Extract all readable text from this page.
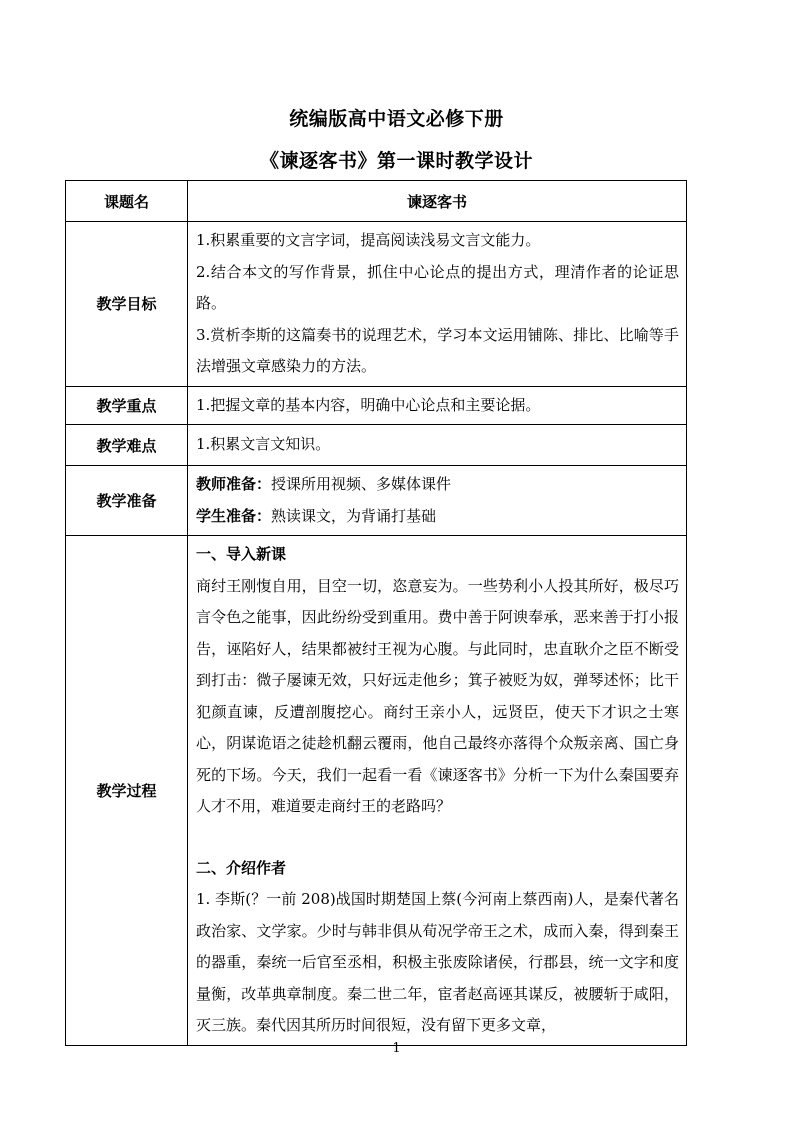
统编版高中语文必修下册
《谏逐客书》第一课时教学设计
课题名	谏逐客书
教学目标	1.积累重要的文言字词，提高阅读浅易文言文能力。
2.结合本文的写作背景，抓住中心论点的提出方式，理清作者的论证思路。
3.赏析李斯的这篇奏书的说理艺术，学习本文运用铺陈、排比、比喻等手法增强文章感染力的方法。

教学重点	1.把握文章的基本内容，明确中心论点和主要论据。
教学难点	1.积累文言文知识。
教学准备	教师准备：授课所用视频、多媒体课件
学生准备：熟读课文，为背诵打基础

教学过程	一、导入新课
商纣王刚愎自用，目空一切，恣意妄为。一些势利小人投其所好，极尽巧言令色之能事，因此纷纷受到重用。费中善于阿谀奉承，恶来善于打小报告，诬陷好人，结果都被纣王视为心腹。与此同时，忠直耿介之臣不断受到打击：微子屡谏无效，只好远走他乡；箕子被贬为奴，弹琴述怀；比干犯颜直谏，反遭剖腹挖心。商纣王亲小人，远贤臣，使天下才识之士寒心，阴谋诡语之徒趁机翻云覆雨，他自己最终亦落得个众叛亲离、国亡身死的下场。今天，我们一起看一看《谏逐客书》分析一下为什么秦国要弃人才不用，难道要走商纣王的老路吗？
二、介绍作者
1. 李斯(？一前 208)战国时期楚国上蔡(今河南上蔡西南)人，是秦代著名政治家、文学家。少时与韩非俱从荀况学帝王之术，成而入秦，得到秦王的器重，秦统一后官至丞相，积极主张废除诸侯，行郡县，统一文字和度量衡，改革典章制度。秦二世二年，宦者赵高诬其谋反，被腰斩于咸阳，灭三族。秦代因其所历时间很短，没有留下更多文章，
1
